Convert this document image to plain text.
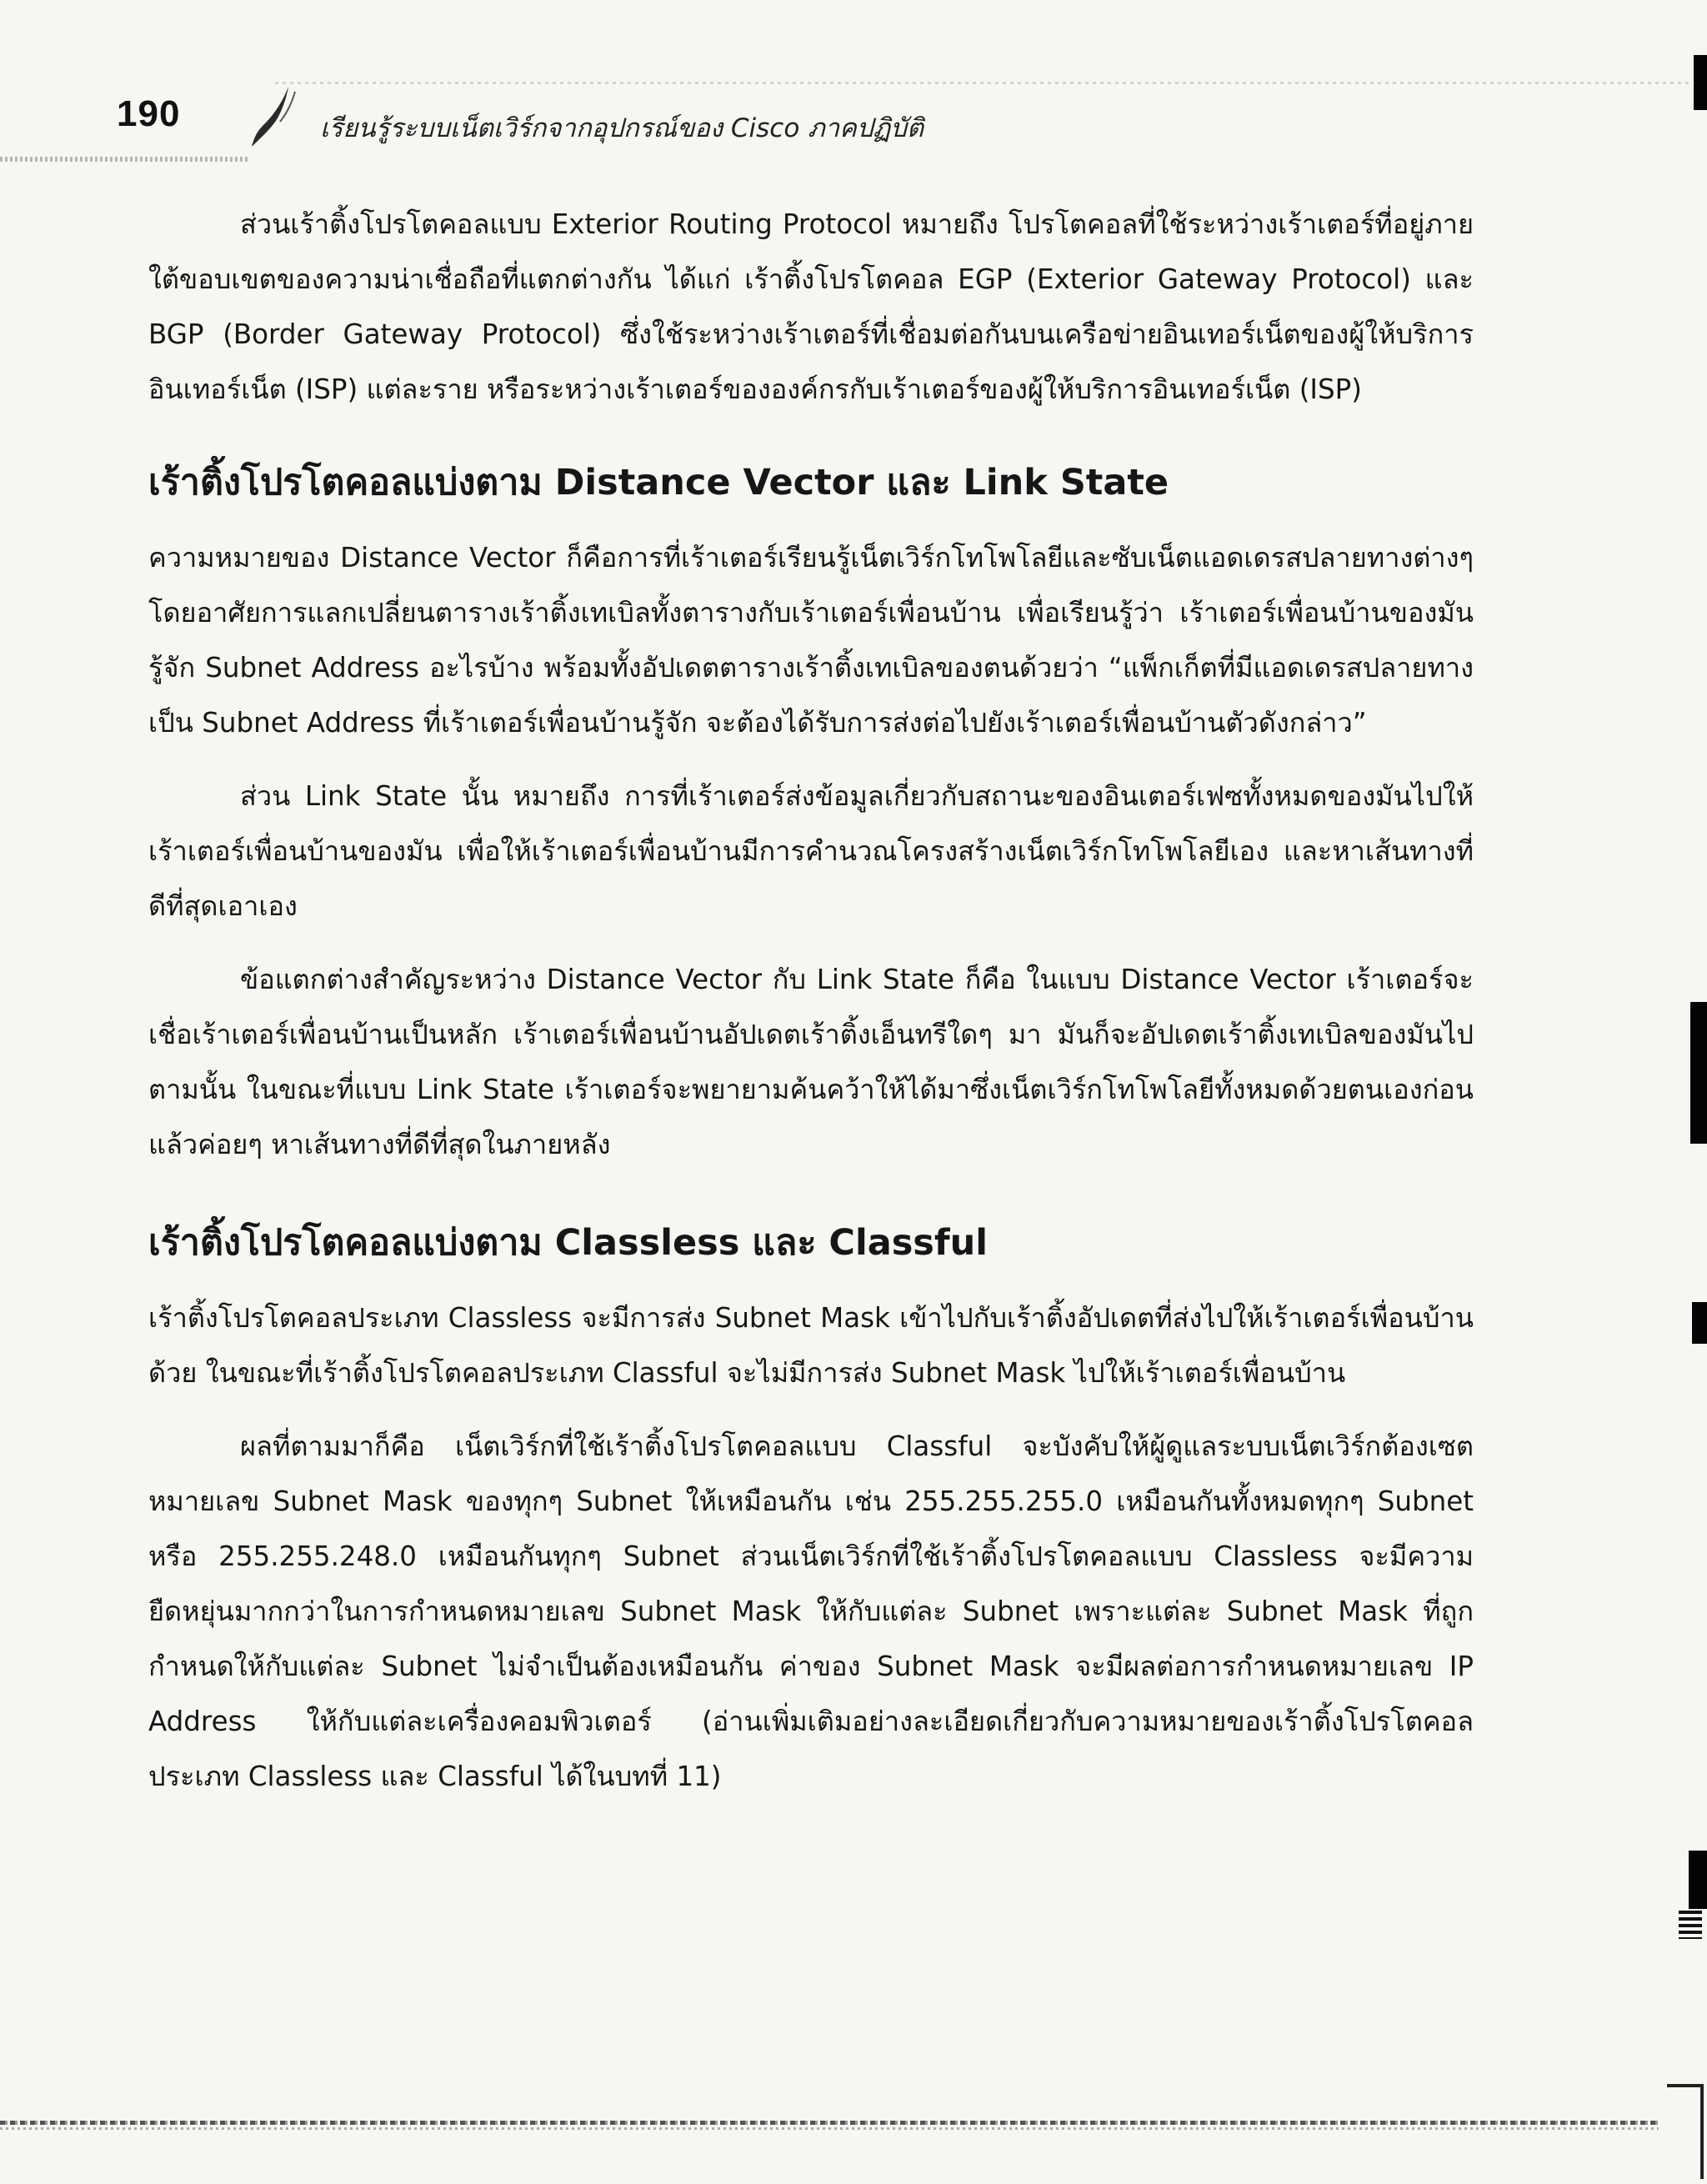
190	เรียนรู้ระบบเน็ตเวิร์กจากอุปกรณ์ของ Cisco ภาคปฏิบัติ

ส่วนเร้าติ้งโปรโตคอลแบบ Exterior Routing Protocol หมายถึง โปรโตคอลที่ใช้ระหว่างเร้าเตอร์ที่อยู่ภายใต้ขอบเขตของความน่าเชื่อถือที่แตกต่างกัน ได้แก่ เร้าติ้งโปรโตคอล EGP (Exterior Gateway Protocol) และ BGP (Border Gateway Protocol) ซึ่งใช้ระหว่างเร้าเตอร์ที่เชื่อมต่อกันบนเครือข่ายอินเทอร์เน็ตของผู้ให้บริการอินเทอร์เน็ต (ISP) แต่ละราย หรือระหว่างเร้าเตอร์ขององค์กรกับเร้าเตอร์ของผู้ให้บริการอินเทอร์เน็ต (ISP)

เร้าติ้งโปรโตคอลแบ่งตาม Distance Vector และ Link State

ความหมายของ Distance Vector ก็คือการที่เร้าเตอร์เรียนรู้เน็ตเวิร์กโทโพโลยีและซับเน็ตแอดเดรสปลายทางต่างๆ โดยอาศัยการแลกเปลี่ยนตารางเร้าติ้งเทเบิลทั้งตารางกับเร้าเตอร์เพื่อนบ้าน เพื่อเรียนรู้ว่า เร้าเตอร์เพื่อนบ้านของมันรู้จัก Subnet Address อะไรบ้าง พร้อมทั้งอัปเดตตารางเร้าติ้งเทเบิลของตนด้วยว่า “แพ็กเก็ตที่มีแอดเดรสปลายทางเป็น Subnet Address ที่เร้าเตอร์เพื่อนบ้านรู้จัก จะต้องได้รับการส่งต่อไปยังเร้าเตอร์เพื่อนบ้านตัวดังกล่าว”

ส่วน Link State นั้น หมายถึง การที่เร้าเตอร์ส่งข้อมูลเกี่ยวกับสถานะของอินเตอร์เฟซทั้งหมดของมันไปให้เร้าเตอร์เพื่อนบ้านของมัน เพื่อให้เร้าเตอร์เพื่อนบ้านมีการคำนวณโครงสร้างเน็ตเวิร์กโทโพโลยีเอง และหาเส้นทางที่ดีที่สุดเอาเอง

ข้อแตกต่างสำคัญระหว่าง Distance Vector กับ Link State ก็คือ ในแบบ Distance Vector เร้าเตอร์จะเชื่อเร้าเตอร์เพื่อนบ้านเป็นหลัก เร้าเตอร์เพื่อนบ้านอัปเดตเร้าติ้งเอ็นทรีใดๆ มา มันก็จะอัปเดตเร้าติ้งเทเบิลของมันไปตามนั้น ในขณะที่แบบ Link State เร้าเตอร์จะพยายามค้นคว้าให้ได้มาซึ่งเน็ตเวิร์กโทโพโลยีทั้งหมดด้วยตนเองก่อน แล้วค่อยๆ หาเส้นทางที่ดีที่สุดในภายหลัง

เร้าติ้งโปรโตคอลแบ่งตาม Classless และ Classful

เร้าติ้งโปรโตคอลประเภท Classless จะมีการส่ง Subnet Mask เข้าไปกับเร้าติ้งอัปเดตที่ส่งไปให้เร้าเตอร์เพื่อนบ้านด้วย ในขณะที่เร้าติ้งโปรโตคอลประเภท Classful จะไม่มีการส่ง Subnet Mask ไปให้เร้าเตอร์เพื่อนบ้าน

ผลที่ตามมาก็คือ เน็ตเวิร์กที่ใช้เร้าติ้งโปรโตคอลแบบ Classful จะบังคับให้ผู้ดูแลระบบเน็ตเวิร์กต้องเซตหมายเลข Subnet Mask ของทุกๆ Subnet ให้เหมือนกัน เช่น 255.255.255.0 เหมือนกันทั้งหมดทุกๆ Subnet หรือ 255.255.248.0 เหมือนกันทุกๆ Subnet ส่วนเน็ตเวิร์กที่ใช้เร้าติ้งโปรโตคอลแบบ Classless จะมีความยืดหยุ่นมากกว่าในการกำหนดหมายเลข Subnet Mask ให้กับแต่ละ Subnet เพราะแต่ละ Subnet Mask ที่ถูกกำหนดให้กับแต่ละ Subnet ไม่จำเป็นต้องเหมือนกัน ค่าของ Subnet Mask จะมีผลต่อการกำหนดหมายเลข IP Address ให้กับแต่ละเครื่องคอมพิวเตอร์ (อ่านเพิ่มเติมอย่างละเอียดเกี่ยวกับความหมายของเร้าติ้งโปรโตคอลประเภท Classless และ Classful ได้ในบทที่ 11)
